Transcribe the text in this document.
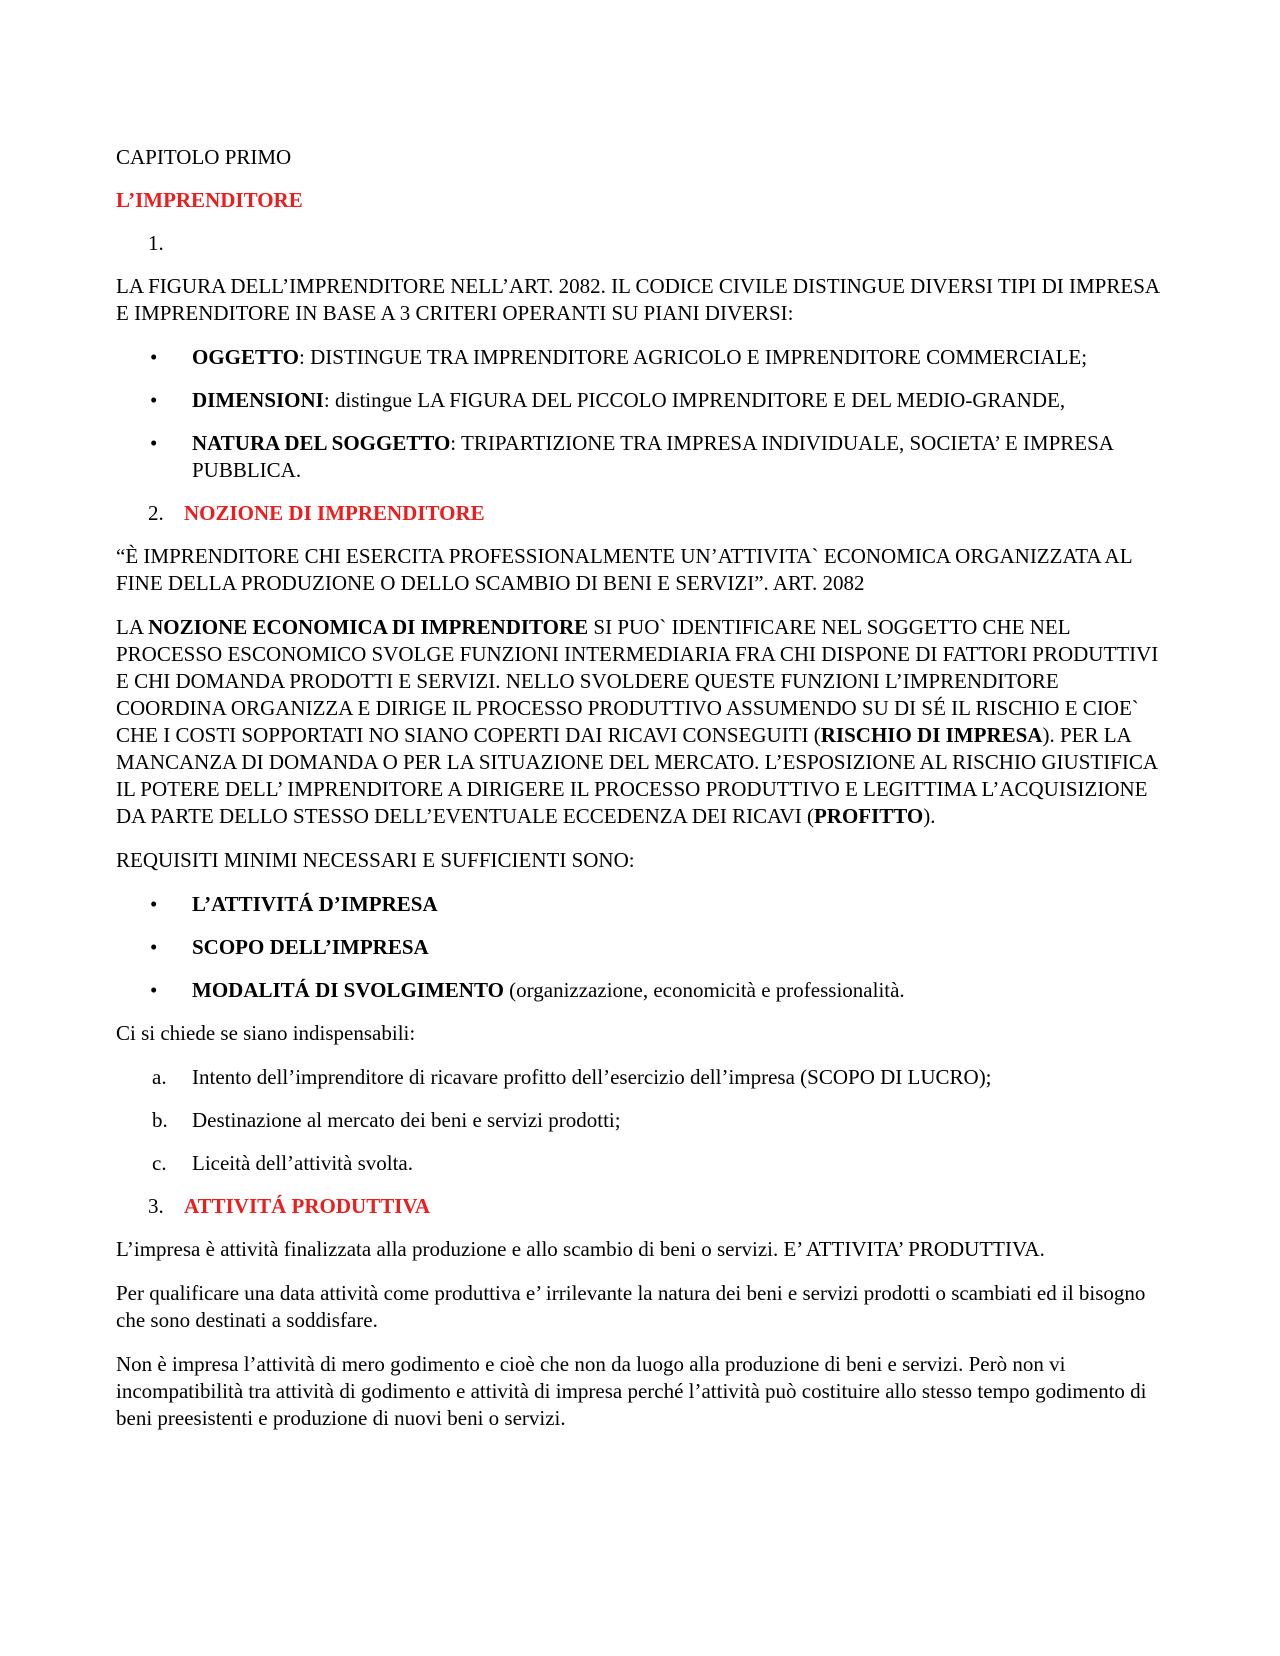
CAPITOLO PRIMO

L’IMPRENDITORE

1.

LA FIGURA DELL’IMPRENDITORE NELL’ART. 2082. IL CODICE CIVILE DISTINGUE DIVERSI TIPI DI IMPRESA E IMPRENDITORE IN BASE A 3 CRITERI OPERANTI SU PIANI DIVERSI:

• OGGETTO: DISTINGUE TRA IMPRENDITORE AGRICOLO E IMPRENDITORE COMMERCIALE;
• DIMENSIONI: distingue LA FIGURA DEL PICCOLO IMPRENDITORE E DEL MEDIO-GRANDE,
• NATURA DEL SOGGETTO: TRIPARTIZIONE TRA IMPRESA INDIVIDUALE, SOCIETA’ E IMPRESA PUBBLICA.
2. NOZIONE DI IMPRENDITORE

“È IMPRENDITORE CHI ESERCITA PROFESSIONALMENTE UN’ATTIVITA` ECONOMICA ORGANIZZATA AL FINE DELLA PRODUZIONE O DELLO SCAMBIO DI BENI E SERVIZI”. ART. 2082

LA NOZIONE ECONOMICA DI IMPRENDITORE SI PUO` IDENTIFICARE NEL SOGGETTO CHE NEL PROCESSO ESCONOMICO SVOLGE FUNZIONI INTERMEDIARIA FRA CHI DISPONE DI FATTORI PRODUTTIVI E CHI DOMANDA PRODOTTI E SERVIZI. NELLO SVOLDERE QUESTE FUNZIONI L’IMPRENDITORE COORDINA ORGANIZZA E DIRIGE IL PROCESSO PRODUTTIVO ASSUMENDO SU DI SÉ IL RISCHIO E CIOE` CHE I COSTI SOPPORTATI NO SIANO COPERTI DAI RICAVI CONSEGUITI (RISCHIO DI IMPRESA). PER LA MANCANZA DI DOMANDA O PER LA SITUAZIONE DEL MERCATO. L’ESPOSIZIONE AL RISCHIO GIUSTIFICA IL POTERE DELL’ IMPRENDITORE A DIRIGERE IL PROCESSO PRODUTTIVO E LEGITTIMA L’ACQUISIZIONE DA PARTE DELLO STESSO DELL’EVENTUALE ECCEDENZA DEI RICAVI (PROFITTO).

REQUISITI MINIMI NECESSARI E SUFFICIENTI SONO:

• L’ATTIVITÁ D’IMPRESA
• SCOPO DELL’IMPRESA
• MODALITÁ DI SVOLGIMENTO (organizzazione, economicità e professionalità.

Ci si chiede se siano indispensabili:

a. Intento dell’imprenditore di ricavare profitto dell’esercizio dell’impresa (SCOPO DI LUCRO);
b. Destinazione al mercato dei beni e servizi prodotti;
c. Liceità dell’attività svolta.
3. ATTIVITÁ PRODUTTIVA

L’impresa è attività finalizzata alla produzione e allo scambio di beni o servizi. E’ ATTIVITA’ PRODUTTIVA.

Per qualificare una data attività come produttiva e’ irrilevante la natura dei beni e servizi prodotti o scambiati ed il bisogno che sono destinati a soddisfare.

Non è impresa l’attività di mero godimento e cioè che non da luogo alla produzione di beni e servizi. Però non vi incompatibilità tra attività di godimento e attività di impresa perché l’attività può costituire allo stesso tempo godimento di beni preesistenti e produzione di nuovi beni o servizi.
